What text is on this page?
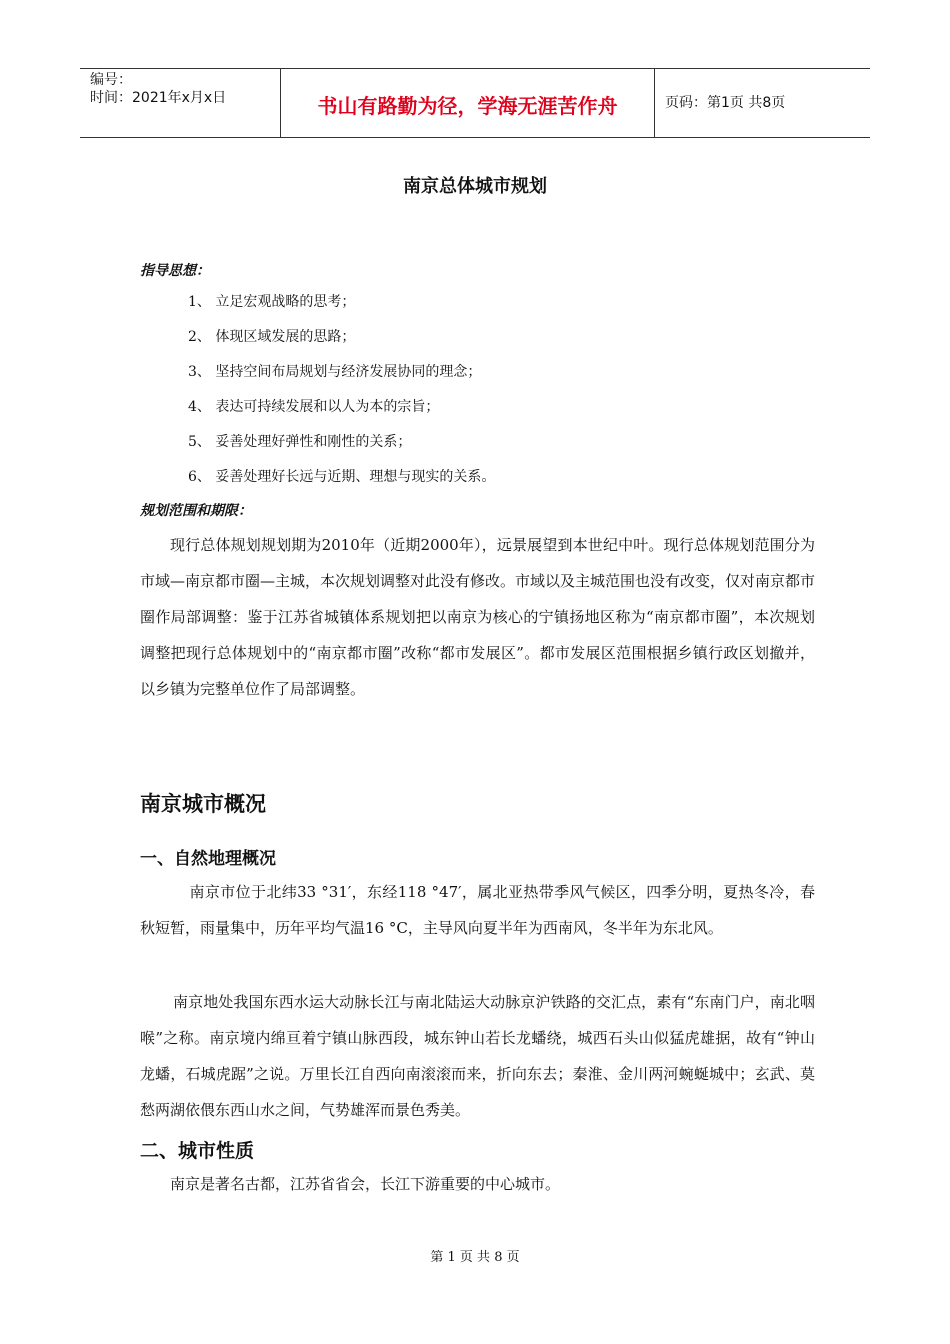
编号：
时间：2021年x月x日	书山有路勤为径，学海无涯苦作舟	页码：第1页 共8页
南京总体城市规划
指导思想：
1、 立足宏观战略的思考；
2、 体现区域发展的思路；
3、 坚持空间布局规划与经济发展协同的理念；
4、 表达可持续发展和以人为本的宗旨；
5、 妥善处理好弹性和刚性的关系；
6、 妥善处理好长远与近期、理想与现实的关系。
规划范围和期限：

现行总体规划规划期为2010年（近期2000年），远景展望到本世纪中叶。现行总体规划范围分为市域—南京都市圈—主城，本次规划调整对此没有修改。市域以及主城范围也没有改变，仅对南京都市圈作局部调整：鉴于江苏省城镇体系规划把以南京为核心的宁镇扬地区称为“南京都市圈”，本次规划调整把现行总体规划中的“南京都市圈”改称“都市发展区”。都市发展区范围根据乡镇行政区划撤并，以乡镇为完整单位作了局部调整。

南京城市概况
一、自然地理概况

南京市位于北纬33 °31′，东经118 °47′，属北亚热带季风气候区，四季分明，夏热冬冷，春秋短暂，雨量集中，历年平均气温16 °C，主导风向夏半年为西南风，冬半年为东北风。

南京地处我国东西水运大动脉长江与南北陆运大动脉京沪铁路的交汇点，素有“东南门户，南北咽喉”之称。南京境内绵亘着宁镇山脉西段，城东钟山若长龙蟠绕，城西石头山似猛虎雄据，故有“钟山龙蟠，石城虎踞”之说。万里长江自西向南滚滚而来，折向东去；秦淮、金川两河蜿蜒城中；玄武、莫愁两湖依偎东西山水之间，气势雄浑而景色秀美。

二、城市性质

南京是著名古都，江苏省省会，长江下游重要的中心城市。

第 1 页 共 8 页
